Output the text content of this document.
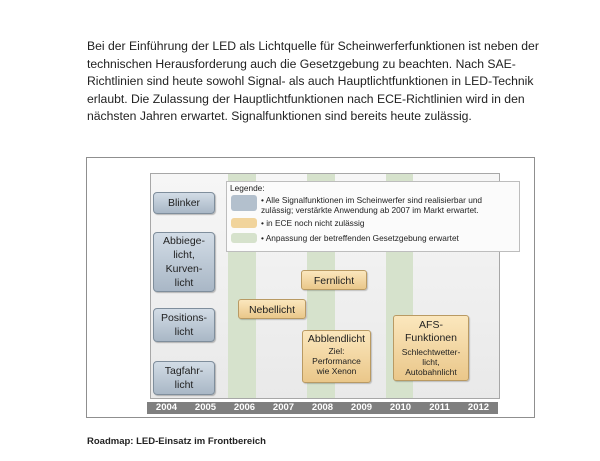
Bei der Einführung der LED als Lichtquelle für Scheinwerferfunktionen ist neben der technischen Herausforderung auch die Gesetzgebung zu beachten. Nach SAE-Richtlinien sind heute sowohl Signal- als auch Hauptlichtfunktionen in LED-Technik erlaubt. Die Zulassung der Hauptlichtfunktionen nach ECE-Richtlinien wird in den nächsten Jahren erwartet. Signalfunktionen sind bereits heute zulässig.

Blinker
Abbiege-
licht,
Kurven-
licht
Positions-
licht
Tagfahr-
licht
Legende:
• Alle Signalfunktionen im Scheinwerfer sind realisierbar und
zulässig; verstärkte Anwendung ab 2007 im Markt erwartet.
• in ECE noch nicht zulässig
• Anpassung der betreffenden Gesetzgebung erwartet
Nebellicht
Fernlicht
Abblendlicht
Ziel:
Performance
wie Xenon
AFS-
Funktionen
Schlechtwetter-
licht,
Autobahnlicht
2004	2005	2006	2007	2008	2009	2010	2011	2012
Roadmap: LED-Einsatz im Frontbereich
